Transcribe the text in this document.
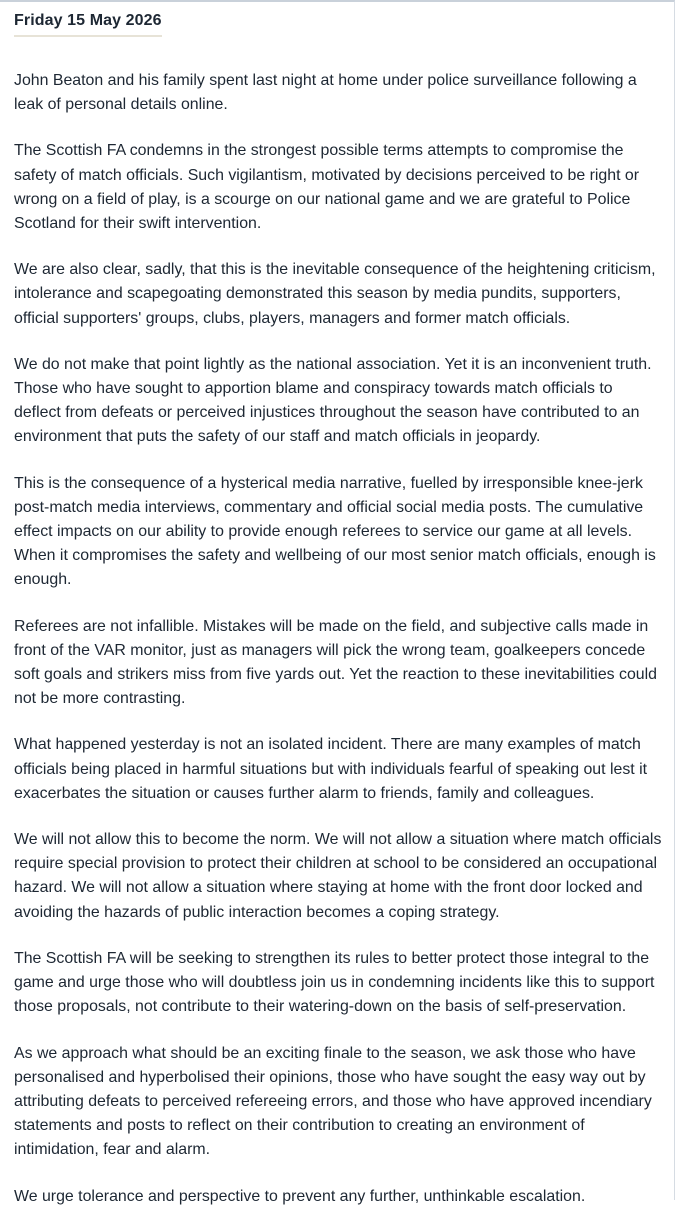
Friday 15 May 2026

John Beaton and his family spent last night at home under police surveillance following a leak of personal details online.

The Scottish FA condemns in the strongest possible terms attempts to compromise the safety of match officials. Such vigilantism, motivated by decisions perceived to be right or wrong on a field of play, is a scourge on our national game and we are grateful to Police Scotland for their swift intervention.

We are also clear, sadly, that this is the inevitable consequence of the heightening criticism, intolerance and scapegoating demonstrated this season by media pundits, supporters, official supporters' groups, clubs, players, managers and former match officials.

We do not make that point lightly as the national association. Yet it is an inconvenient truth. Those who have sought to apportion blame and conspiracy towards match officials to deflect from defeats or perceived injustices throughout the season have contributed to an environment that puts the safety of our staff and match officials in jeopardy.

This is the consequence of a hysterical media narrative, fuelled by irresponsible knee-jerk post-match media interviews, commentary and official social media posts. The cumulative effect impacts on our ability to provide enough referees to service our game at all levels. When it compromises the safety and wellbeing of our most senior match officials, enough is enough.

Referees are not infallible. Mistakes will be made on the field, and subjective calls made in front of the VAR monitor, just as managers will pick the wrong team, goalkeepers concede soft goals and strikers miss from five yards out. Yet the reaction to these inevitabilities could not be more contrasting.

What happened yesterday is not an isolated incident. There are many examples of match officials being placed in harmful situations but with individuals fearful of speaking out lest it exacerbates the situation or causes further alarm to friends, family and colleagues.

We will not allow this to become the norm. We will not allow a situation where match officials require special provision to protect their children at school to be considered an occupational hazard. We will not allow a situation where staying at home with the front door locked and avoiding the hazards of public interaction becomes a coping strategy.

The Scottish FA will be seeking to strengthen its rules to better protect those integral to the game and urge those who will doubtless join us in condemning incidents like this to support those proposals, not contribute to their watering-down on the basis of self-preservation.

As we approach what should be an exciting finale to the season, we ask those who have personalised and hyperbolised their opinions, those who have sought the easy way out by attributing defeats to perceived refereeing errors, and those who have approved incendiary statements and posts to reflect on their contribution to creating an environment of intimidation, fear and alarm.

We urge tolerance and perspective to prevent any further, unthinkable escalation.
